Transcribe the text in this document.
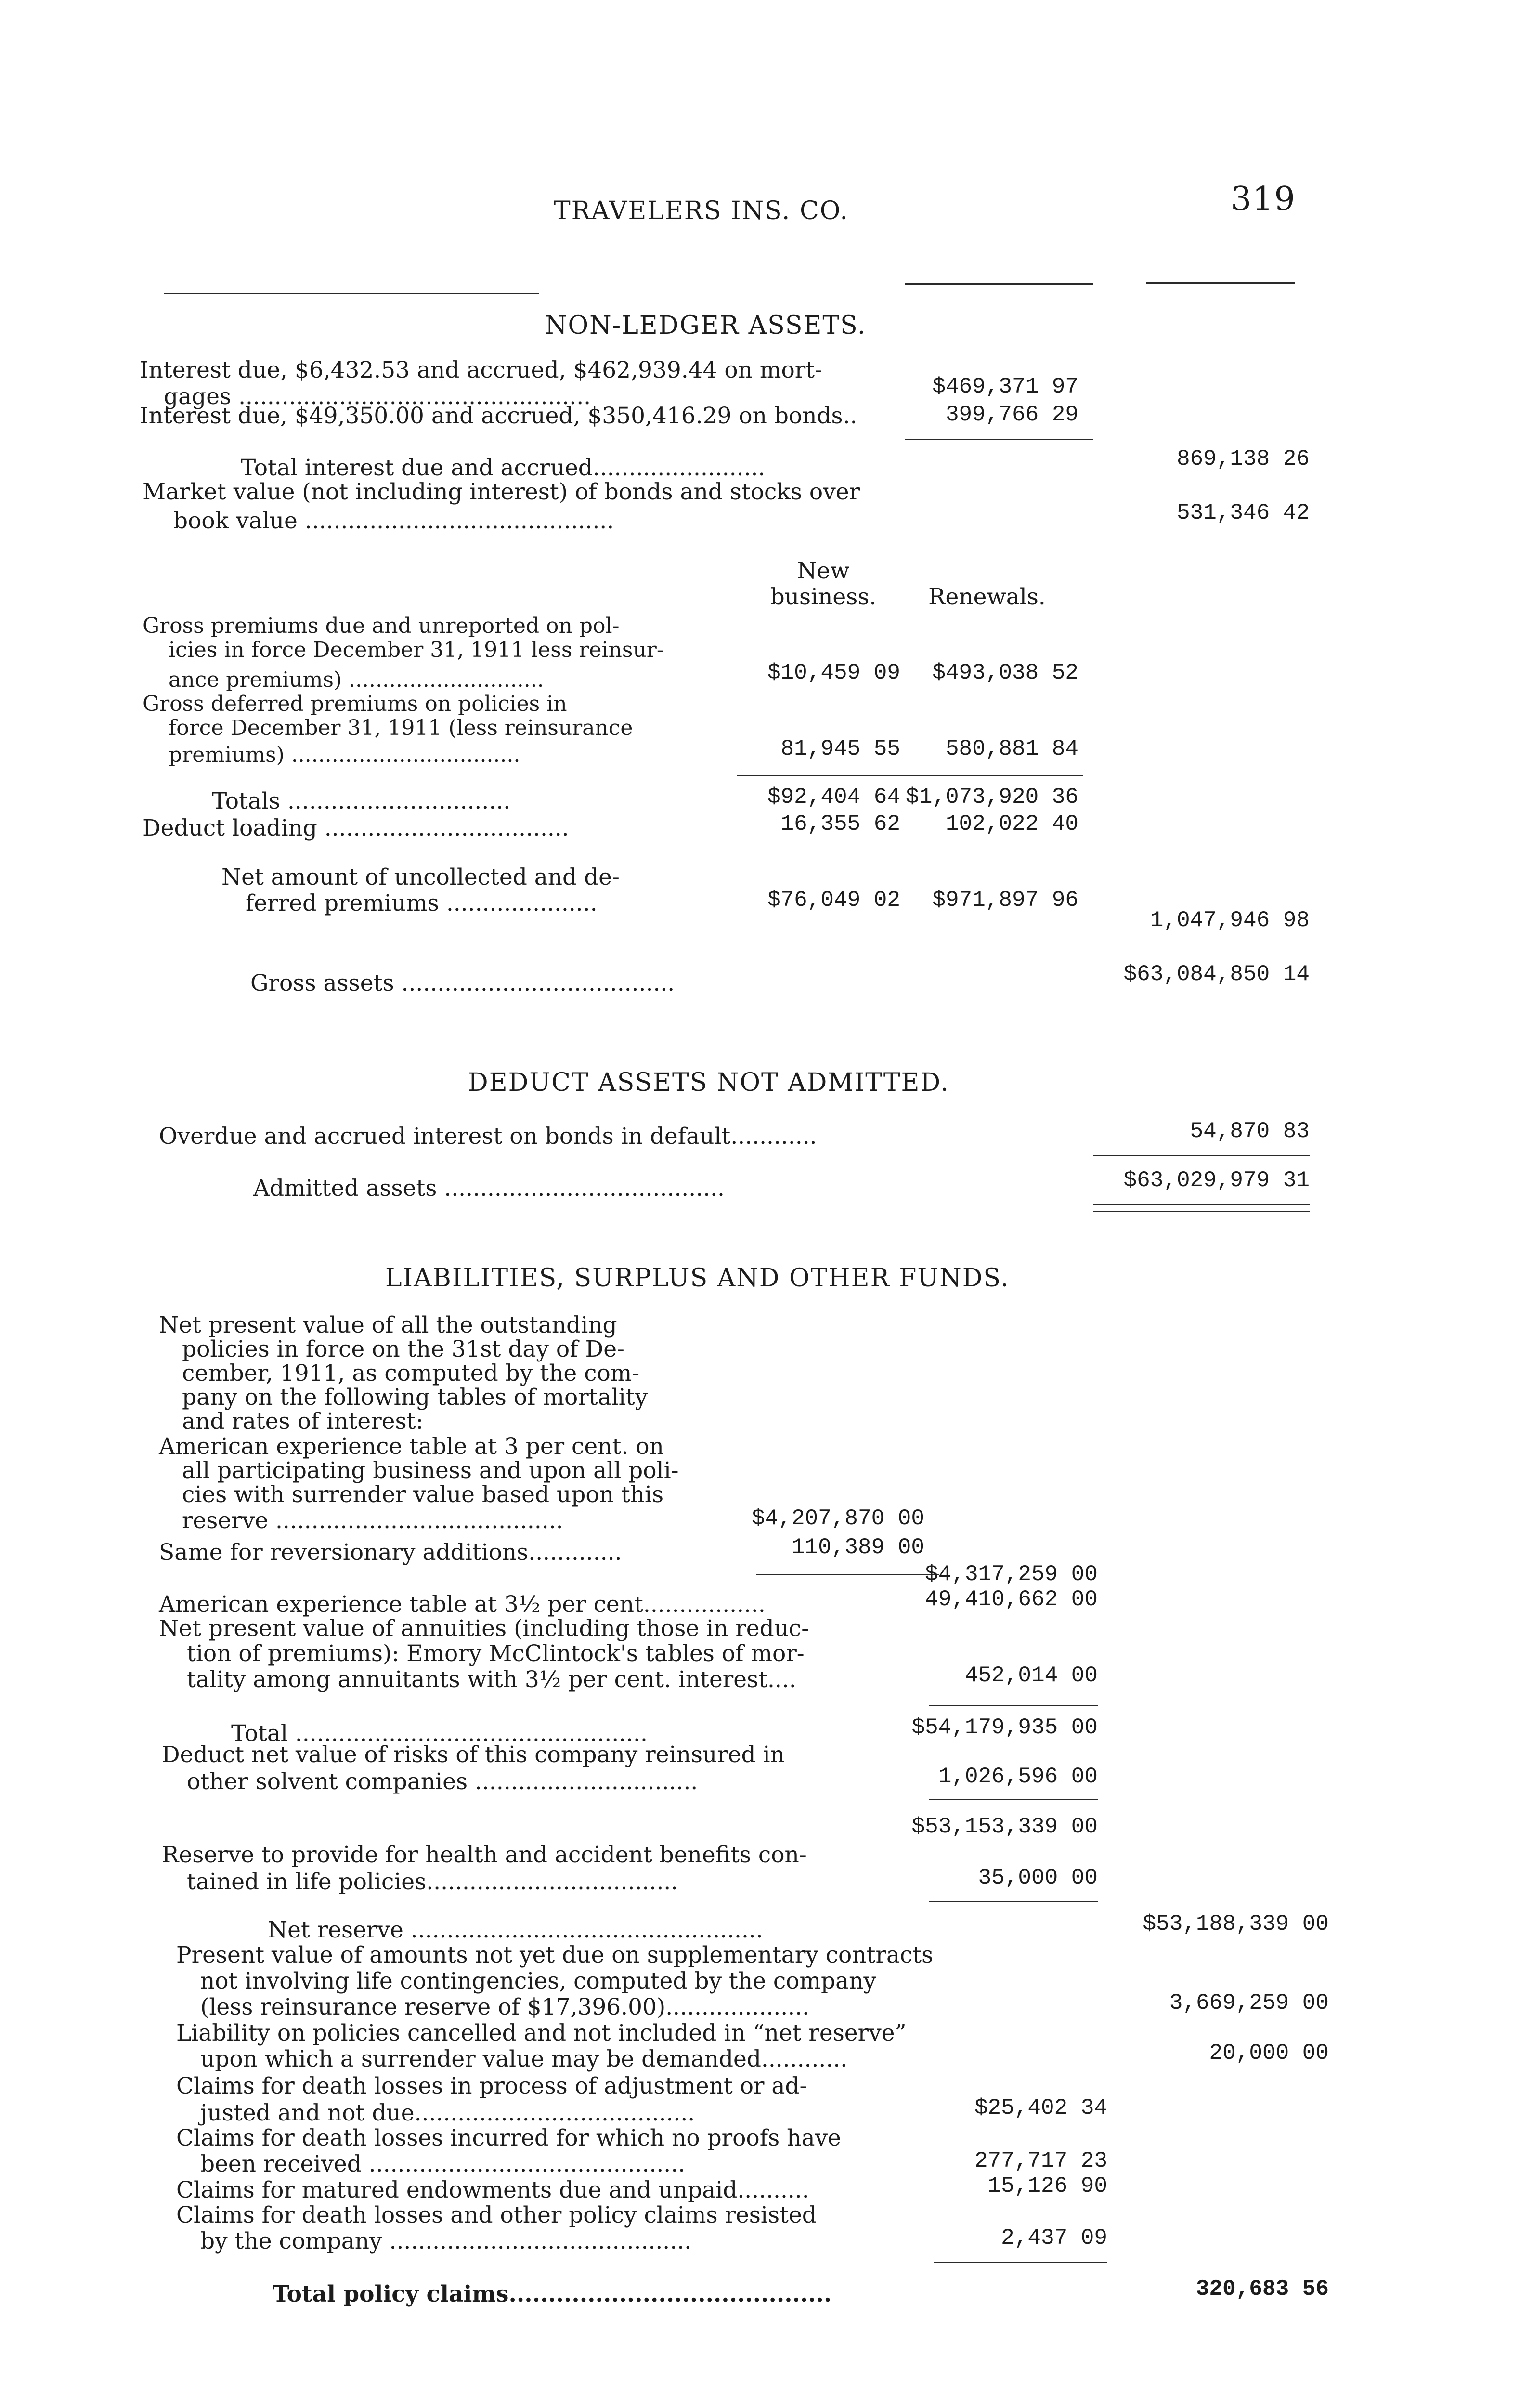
TRAVELERS INS. CO.	319
NON-LEDGER ASSETS.
Interest due, $6,432.53 and accrued, $462,939.44 on mort-
gages .................................................	$469,371 97
Interest due, $49,350.00 and accrued, $350,416.29 on bonds..	399,766 29
Total interest due and accrued........................	869,138 26
Market value (not including interest) of bonds and stocks over
book value ...........................................	531,346 42
New
business.	Renewals.
Gross premiums due and unreported on pol-
icies in force December 31, 1911 less reinsur-
ance premiums) .............................	$10,459 09	$493,038 52
Gross deferred premiums on policies in
force December 31, 1911 (less reinsurance
premiums) ..................................	81,945 55	580,881 84
Totals ...............................	$92,404 64 $1,073,920 36
Deduct loading ..................................	16,355 62	102,022 40
Net amount of uncollected and de-
ferred premiums .....................	$76,049 02	$971,897 96
1,047,946 98
Gross assets ......................................	$63,084,850 14
DEDUCT ASSETS NOT ADMITTED.
Overdue and accrued interest on bonds in default............	54,870 83
Admitted assets .......................................	$63,029,979 31
LIABILITIES, SURPLUS AND OTHER FUNDS.
Net present value of all the outstanding
policies in force on the 31st day of De-
cember, 1911, as computed by the com-
pany on the following tables of mortality
and rates of interest:
American experience table at 3 per cent. on
all participating business and upon all poli-
cies with surrender value based upon this
reserve ........................................	$4,207,870 00
Same for reversionary additions.............	110,389 00
$4,317,259 00
American experience table at 3½ per cent.................	49,410,662 00
Net present value of annuities (including those in reduc-
tion of premiums): Emory McClintock's tables of mor-
tality among annuitants with 3½ per cent. interest....	452,014 00
Total .................................................	$54,179,935 00
Deduct net value of risks of this company reinsured in
other solvent companies ...............................	1,026,596 00
$53,153,339 00
Reserve to provide for health and accident benefits con-
tained in life policies...................................	35,000 00
Net reserve .................................................	$53,188,339 00
Present value of amounts not yet due on supplementary contracts
not involving life contingencies, computed by the company
(less reinsurance reserve of $17,396.00)....................	3,669,259 00
Liability on policies cancelled and not included in “net reserve”
upon which a surrender value may be demanded............	20,000 00
Claims for death losses in process of adjustment or ad-
justed and not due.......................................	$25,402 34
Claims for death losses incurred for which no proofs have
been received ............................................	277,717 23
Claims for matured endowments due and unpaid..........	15,126 90
Claims for death losses and other policy claims resisted
by the company ..........................................	2,437 09
Total policy claims.........................................	320,683 56
